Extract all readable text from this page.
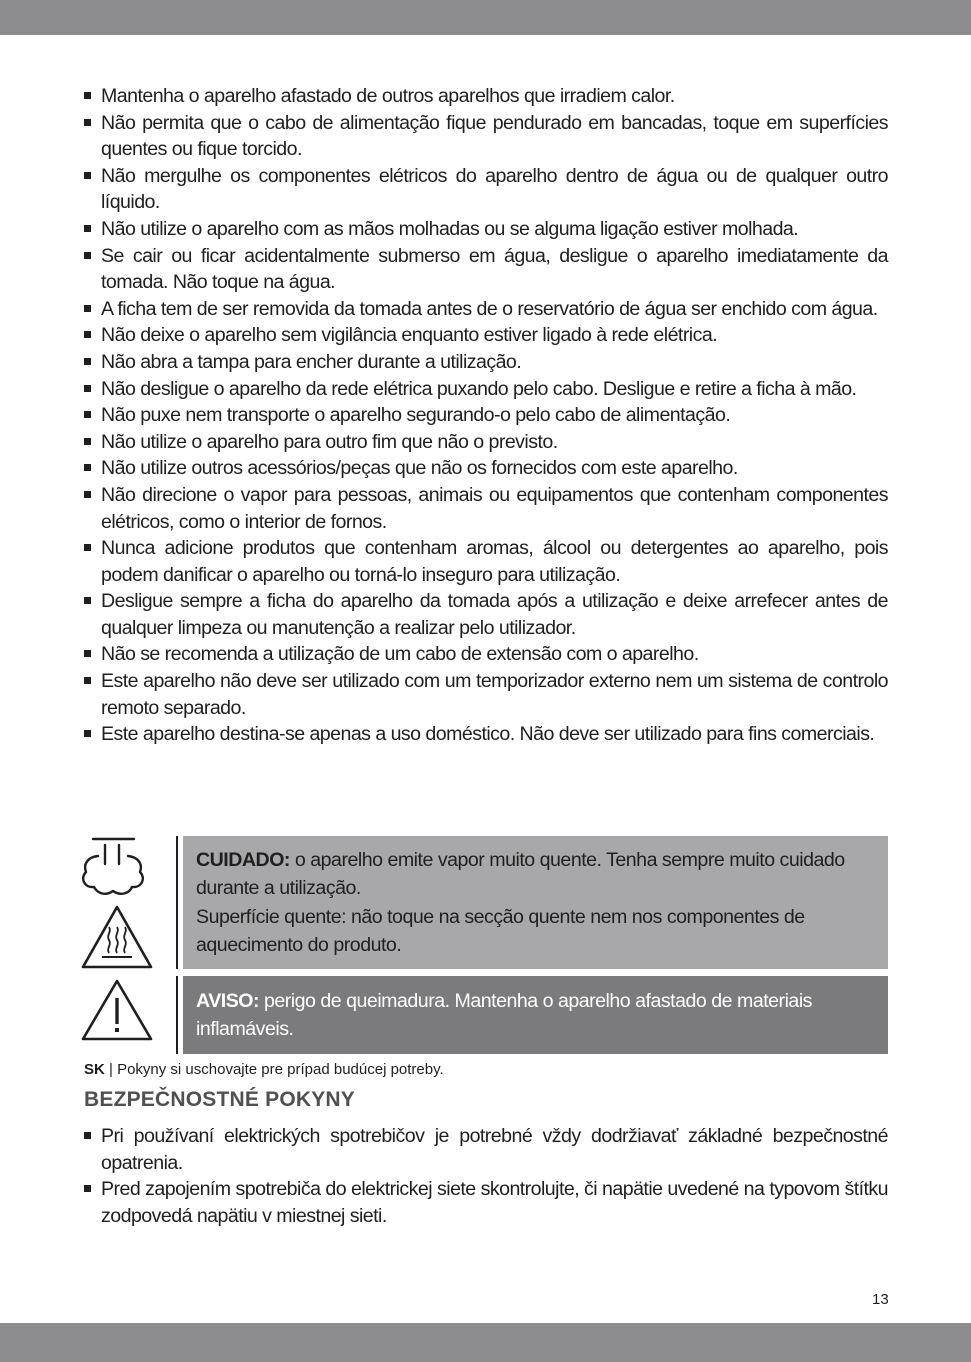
Mantenha o aparelho afastado de outros aparelhos que irradiem calor.
Não permita que o cabo de alimentação fique pendurado em bancadas, toque em superfícies quentes ou fique torcido.
Não mergulhe os componentes elétricos do aparelho dentro de água ou de qualquer outro líquido.
Não utilize o aparelho com as mãos molhadas ou se alguma ligação estiver molhada.
Se cair ou ficar acidentalmente submerso em água, desligue o aparelho imediatamente da tomada. Não toque na água.
A ficha tem de ser removida da tomada antes de o reservatório de água ser enchido com água.
Não deixe o aparelho sem vigilância enquanto estiver ligado à rede elétrica.
Não abra a tampa para encher durante a utilização.
Não desligue o aparelho da rede elétrica puxando pelo cabo. Desligue e retire a ficha à mão.
Não puxe nem transporte o aparelho segurando-o pelo cabo de alimentação.
Não utilize o aparelho para outro fim que não o previsto.
Não utilize outros acessórios/peças que não os fornecidos com este aparelho.
Não direcione o vapor para pessoas, animais ou equipamentos que contenham componentes elétricos, como o interior de fornos.
Nunca adicione produtos que contenham aromas, álcool ou detergentes ao aparelho, pois podem danificar o aparelho ou torná-lo inseguro para utilização.
Desligue sempre a ficha do aparelho da tomada após a utilização e deixe arrefecer antes de qualquer limpeza ou manutenção a realizar pelo utilizador.
Não se recomenda a utilização de um cabo de extensão com o aparelho.
Este aparelho não deve ser utilizado com um temporizador externo nem um sistema de controlo remoto separado.
Este aparelho destina-se apenas a uso doméstico. Não deve ser utilizado para fins comerciais.

CUIDADO: o aparelho emite vapor muito quente. Tenha sempre muito cuidado durante a utilização.

Superfície quente: não toque na secção quente nem nos componentes de aquecimento do produto.

AVISO: perigo de queimadura. Mantenha o aparelho afastado de materiais inflamáveis.

SK | Pokyny si uschovajte pre prípad budúcej potreby.
BEZPEČNOSTNÉ POKYNY
Pri používaní elektrických spotrebičov je potrebné vždy dodržiavať základné bezpečnostné opatrenia.
Pred zapojením spotrebiča do elektrickej siete skontrolujte, či napätie uvedené na typovom štítku zodpovedá napätiu v miestnej sieti.
13
